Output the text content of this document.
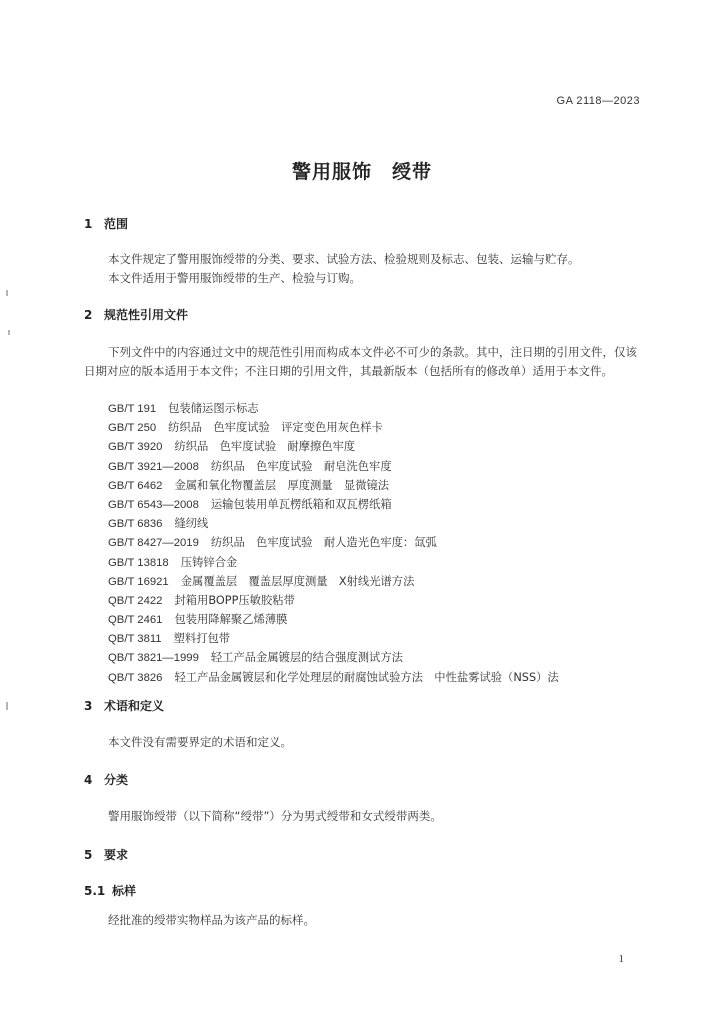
GA 2118—2023
警用服饰　绶带
1 范围

本文件规定了警用服饰绶带的分类、要求、试验方法、检验规则及标志、包装、运输与贮存。

本文件适用于警用服饰绶带的生产、检验与订购。

2 规范性引用文件

下列文件中的内容通过文中的规范性引用而构成本文件必不可少的条款。其中，注日期的引用文件，仅该日期对应的版本适用于本文件；不注日期的引用文件，其最新版本（包括所有的修改单）适用于本文件。

GB/T 191 包装储运图示标志
GB/T 250 纺织品　色牢度试验　评定变色用灰色样卡
GB/T 3920 纺织品　色牢度试验　耐摩擦色牢度
GB/T 3921—2008 纺织品　色牢度试验　耐皂洗色牢度
GB/T 6462 金属和氧化物覆盖层　厚度测量　显微镜法
GB/T 6543—2008 运输包装用单瓦楞纸箱和双瓦楞纸箱
GB/T 6836 缝纫线
GB/T 8427—2019 纺织品　色牢度试验　耐人造光色牢度：氙弧
GB/T 13818 压铸锌合金
GB/T 16921 金属覆盖层　覆盖层厚度测量　X射线光谱方法
QB/T 2422 封箱用BOPP压敏胶粘带
QB/T 2461 包装用降解聚乙烯薄膜
QB/T 3811 塑料打包带
QB/T 3821—1999 轻工产品金属镀层的结合强度测试方法
QB/T 3826 轻工产品金属镀层和化学处理层的耐腐蚀试验方法　中性盐雾试验（NSS）法
3 术语和定义

本文件没有需要界定的术语和定义。

4 分类

警用服饰绶带（以下简称“绶带”）分为男式绶带和女式绶带两类。

5 要求
5.1 标样

经批准的绶带实物样品为该产品的标样。

1
